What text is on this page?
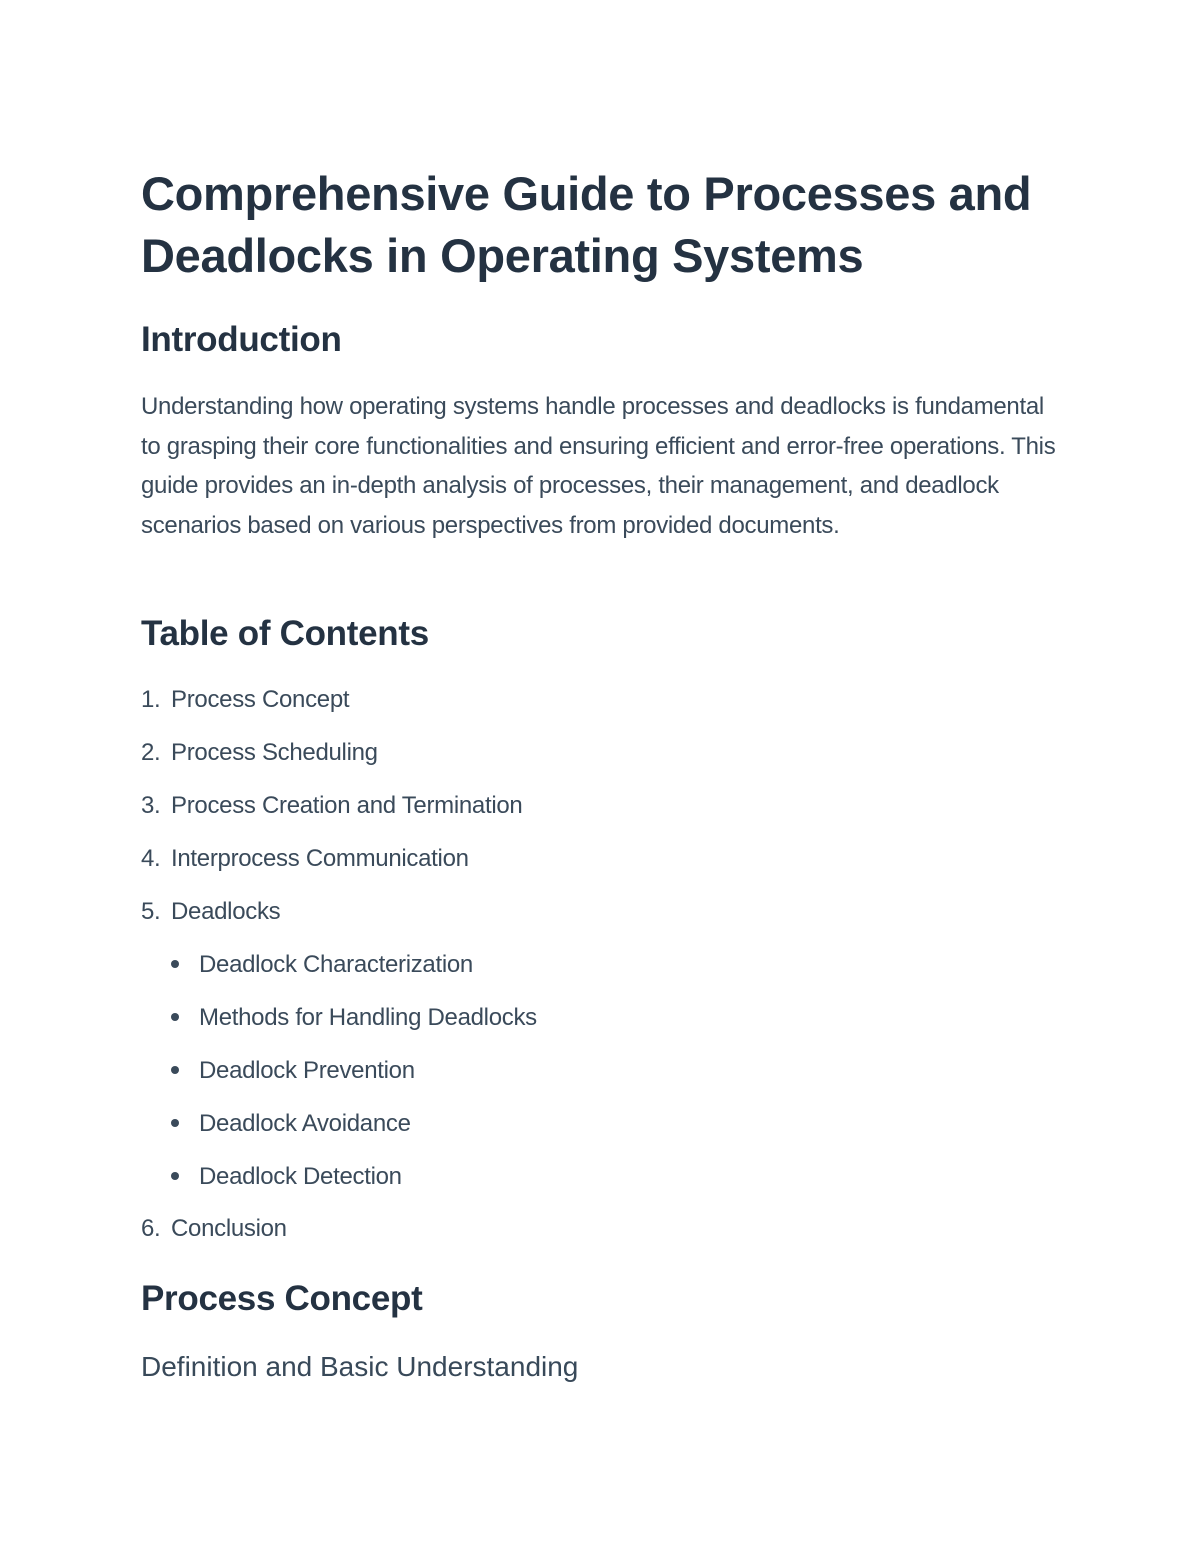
Comprehensive Guide to Processes and Deadlocks in Operating Systems
Introduction

Understanding how operating systems handle processes and deadlocks is fundamental to grasping their core functionalities and ensuring efficient and error-free operations. This guide provides an in-depth analysis of processes, their management, and deadlock scenarios based on various perspectives from provided documents.

Table of Contents
1. Process Concept
2. Process Scheduling
3. Process Creation and Termination
4. Interprocess Communication
5. Deadlocks
Deadlock Characterization
Methods for Handling Deadlocks
Deadlock Prevention
Deadlock Avoidance
Deadlock Detection
6. Conclusion
Process Concept
Definition and Basic Understanding
